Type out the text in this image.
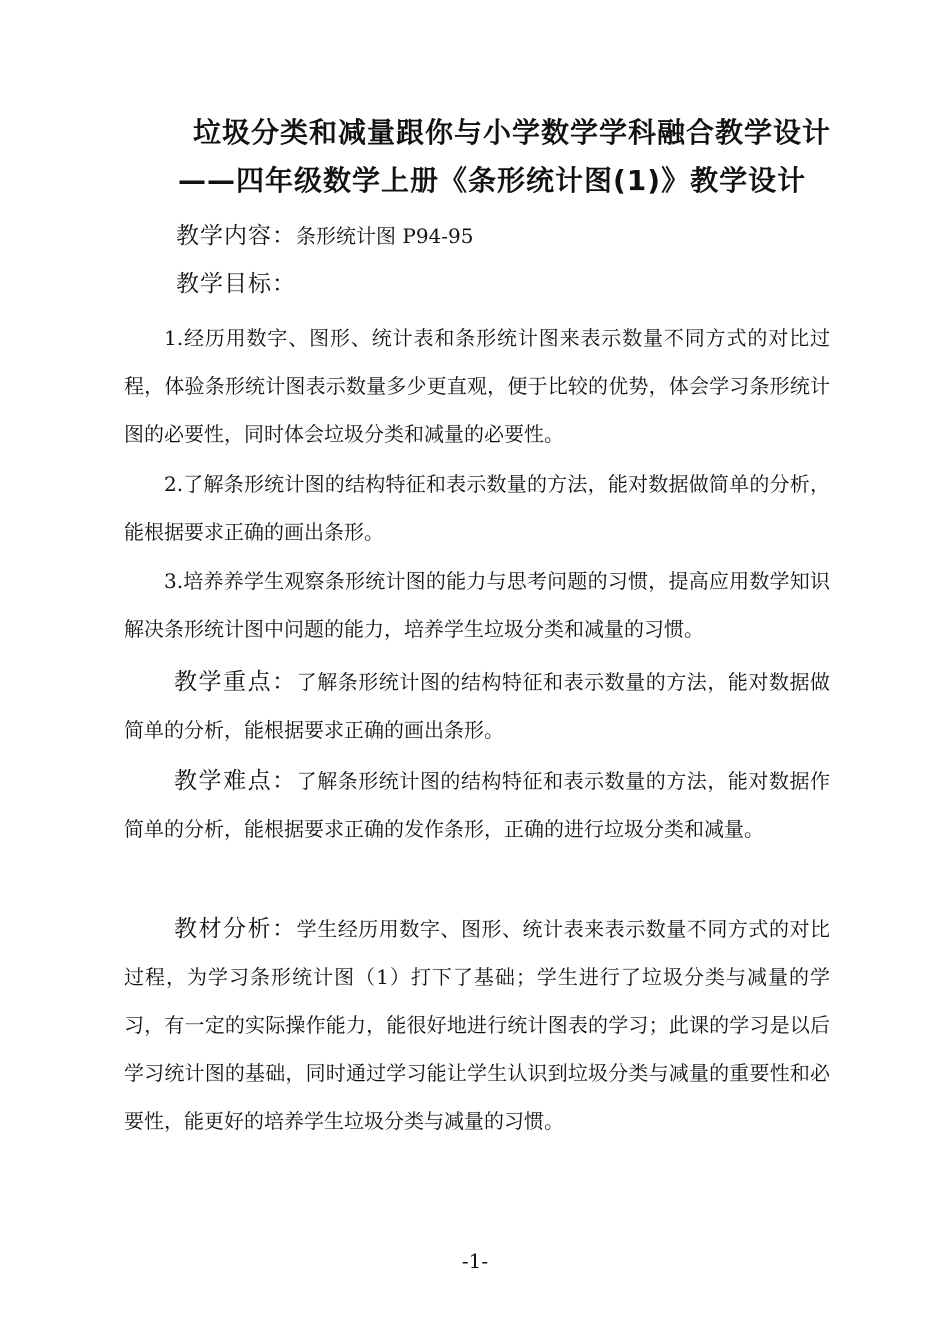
垃圾分类和减量跟你与小学数学学科融合教学设计
——四年级数学上册《条形统计图(1)》教学设计
教学内容：条形统计图 P94-95
教学目标：

1.经历用数字、图形、统计表和条形统计图来表示数量不同方式的对比过程，体验条形统计图表示数量多少更直观，便于比较的优势，体会学习条形统计图的必要性，同时体会垃圾分类和减量的必要性。

2.了解条形统计图的结构特征和表示数量的方法，能对数据做简单的分析，能根据要求正确的画出条形。

3.培养养学生观察条形统计图的能力与思考问题的习惯，提高应用数学知识解决条形统计图中问题的能力，培养学生垃圾分类和减量的习惯。

教学重点：了解条形统计图的结构特征和表示数量的方法，能对数据做简单的分析，能根据要求正确的画出条形。

教学难点：了解条形统计图的结构特征和表示数量的方法，能对数据作简单的分析，能根据要求正确的发作条形，正确的进行垃圾分类和减量。

教材分析：学生经历用数字、图形、统计表来表示数量不同方式的对比过程，为学习条形统计图（1）打下了基础；学生进行了垃圾分类与减量的学习，有一定的实际操作能力，能很好地进行统计图表的学习；此课的学习是以后学习统计图的基础，同时通过学习能让学生认识到垃圾分类与减量的重要性和必要性，能更好的培养学生垃圾分类与减量的习惯。

-1-
